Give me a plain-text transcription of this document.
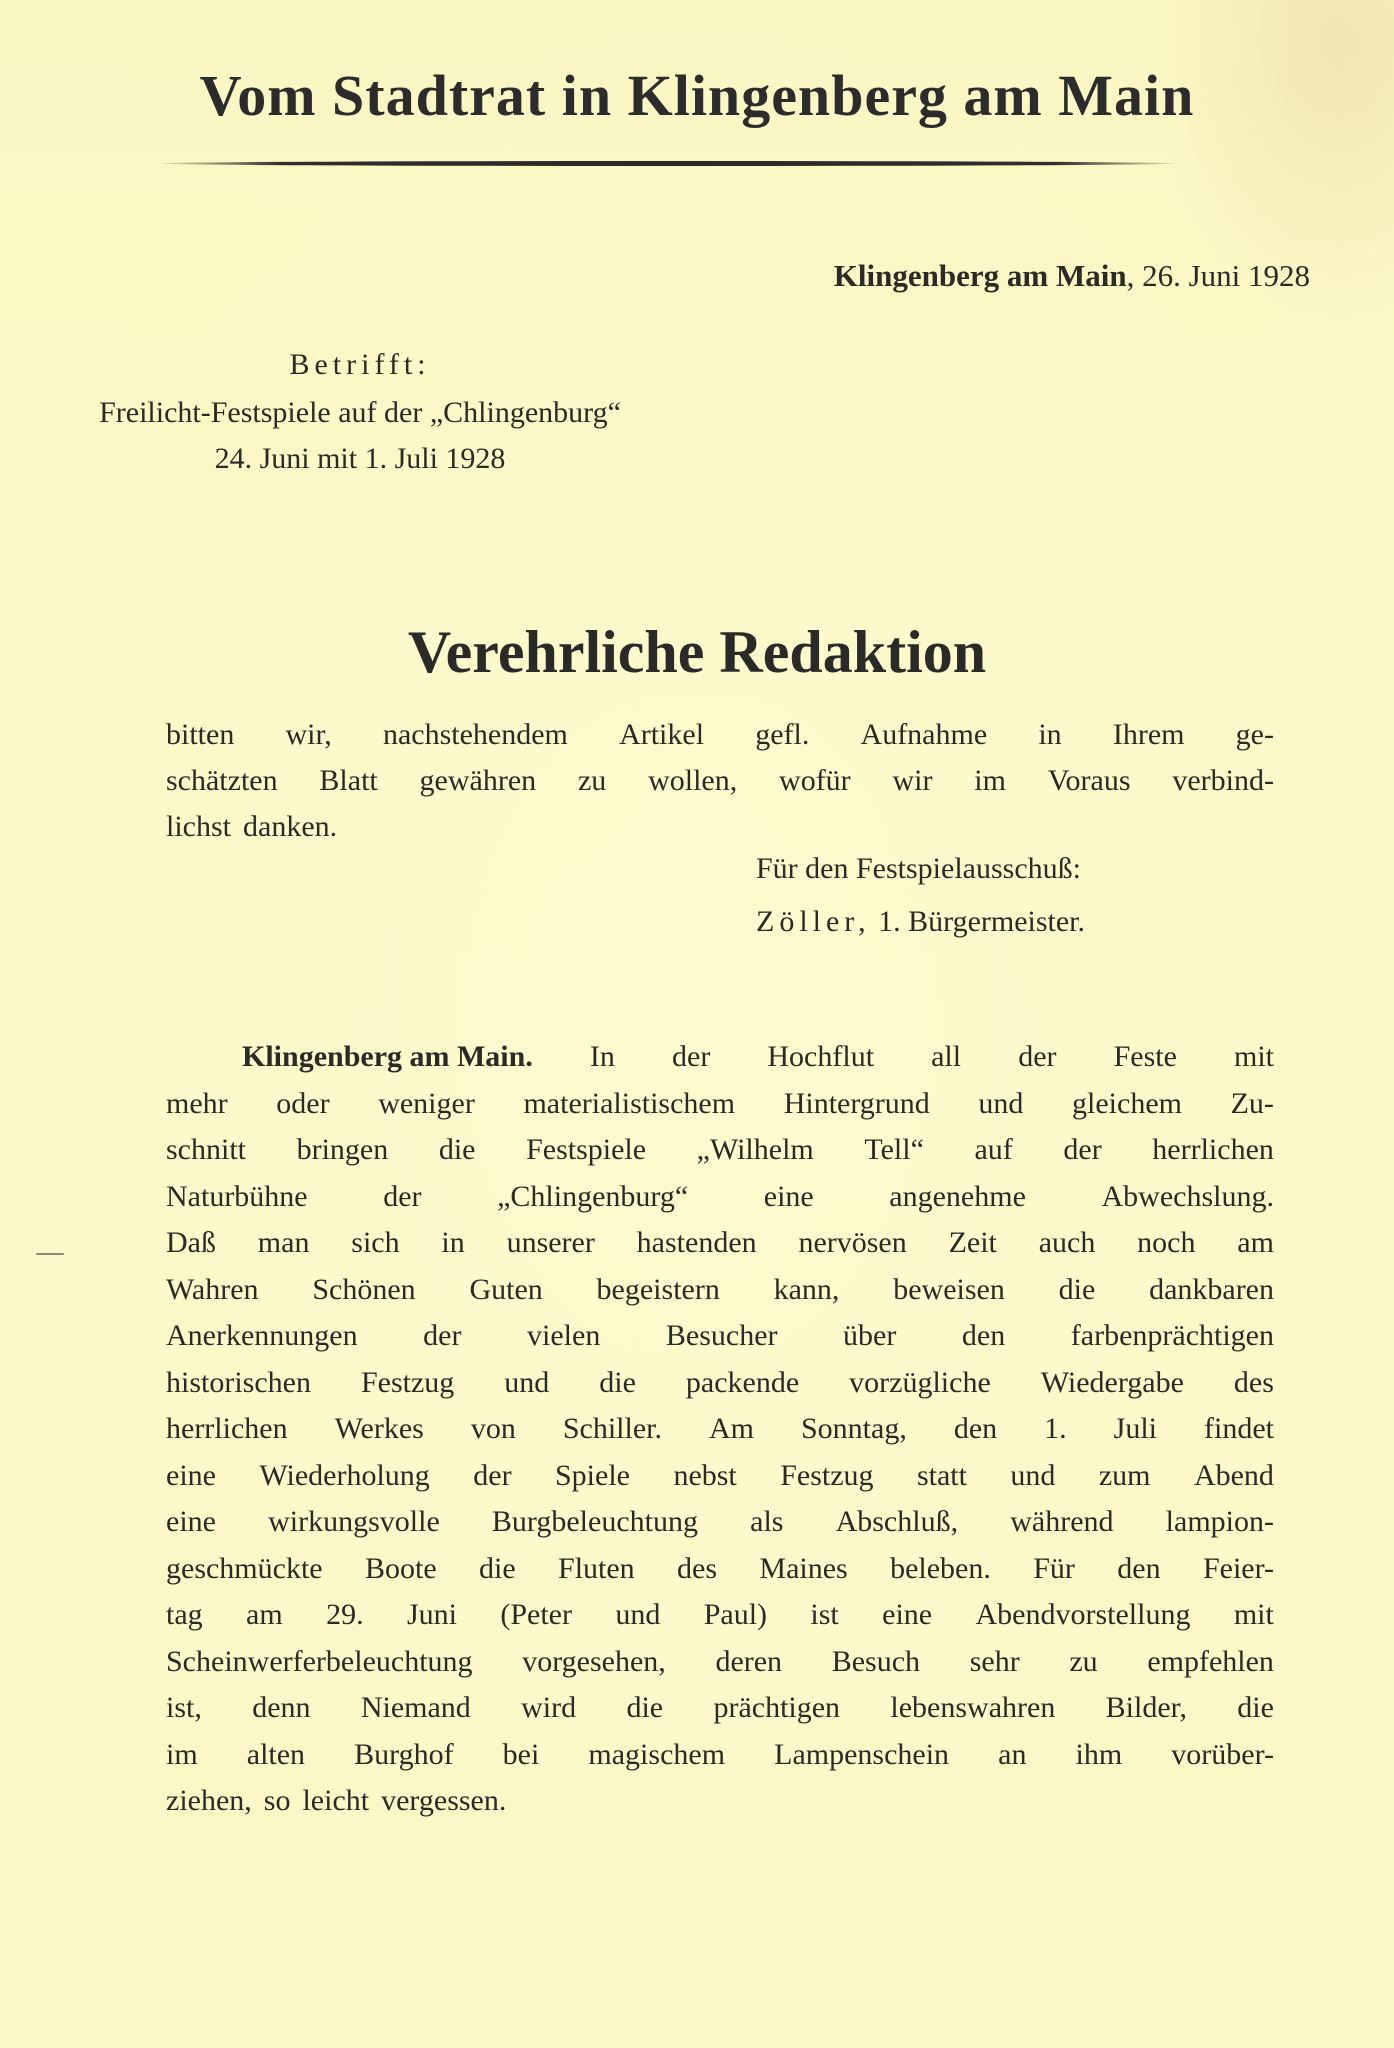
Vom Stadtrat in Klingenberg am Main
Klingenberg am Main, 26. Juni 1928
Betrifft:
Freilicht-Festspiele auf der „Chlingenburg“
24. Juni mit 1. Juli 1928
Verehrliche Redaktion
bitten wir, nachstehendem Artikel gefl. Aufnahme in Ihrem ge-
schätzten Blatt gewähren zu wollen, wofür wir im Voraus verbind-
lichst danken.
Für den Festspielausschuß:
Zöller, 1. Bürgermeister.
Klingenberg am Main. In der Hochflut all der Feste mit
mehr oder weniger materialistischem Hintergrund und gleichem Zu-
schnitt bringen die Festspiele „Wilhelm Tell“ auf der herrlichen
Naturbühne	der	„Chlingenburg“	eine	angenehme	Abwechslung.
Daß man sich in unserer hastenden nervösen Zeit auch noch am
Wahren Schönen Guten begeistern kann, beweisen die dankbaren
Anerkennungen der vielen Besucher über den farbenprächtigen
historischen Festzug und die packende vorzügliche Wiedergabe des
herrlichen Werkes von Schiller. Am Sonntag, den 1. Juli findet
eine Wiederholung der Spiele nebst Festzug statt und zum Abend
eine wirkungsvolle Burgbeleuchtung als Abschluß, während lampion-
geschmückte Boote die Fluten des Maines beleben. Für den Feier-
tag am 29. Juni (Peter und Paul) ist eine Abendvorstellung mit
Scheinwerferbeleuchtung vorgesehen, deren Besuch sehr zu empfehlen
ist, denn Niemand wird die prächtigen lebenswahren Bilder, die
im alten Burghof bei magischem Lampenschein an ihm vorüber-
ziehen, so leicht vergessen.
